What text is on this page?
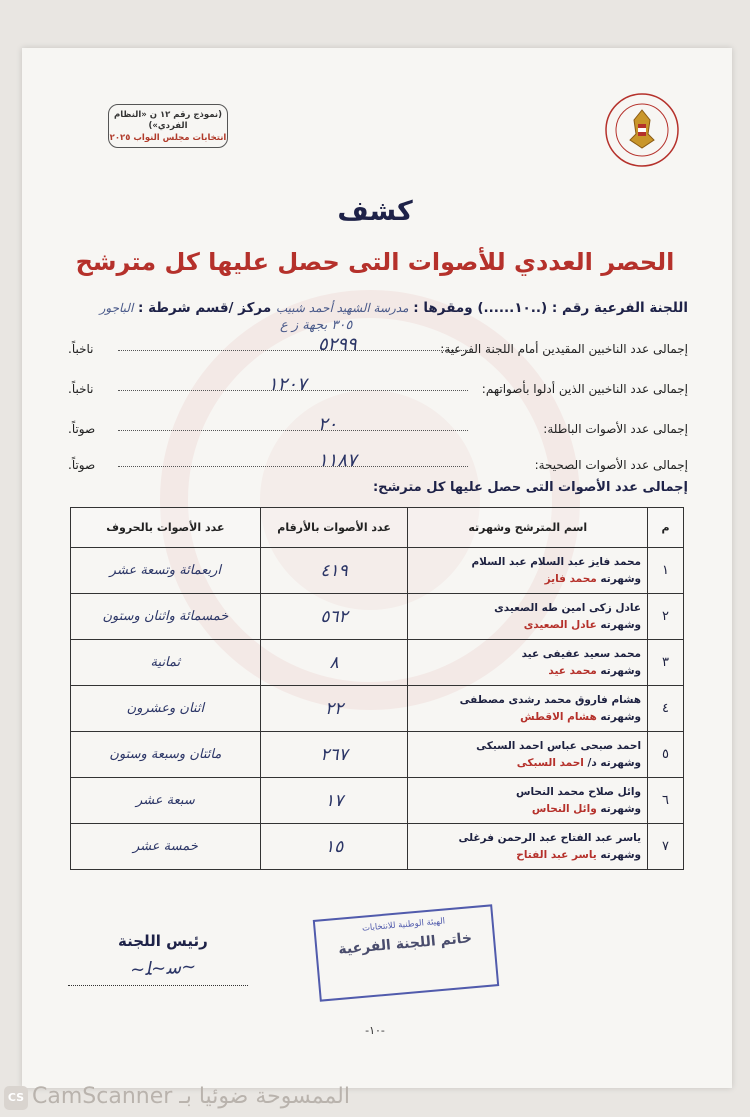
(نموذج رقم ١٢ ن «النظام الفردي»)
انتخابات مجلس النواب ٢٠٢٥
كشف
الحصر العددي للأصوات التى حصل عليها كل مترشح
اللجنة الفرعية رقم : (..١٠......) ومقرها : مدرسة الشهيد أحمد شبيب مركز /قسم شرطة : الباجور
٣٠٥ بجهة ز ع
إجمالى عدد الناخبين المقيدين أمام اللجنة الفرعية:
٥٢٩٩
ناخباً.
إجمالى عدد الناخبين الذين أدلوا بأصواتهم:
١٢٠٧
ناخباً.
إجمالى عدد الأصوات الباطلة:
٢٠
صوتاً.
إجمالى عدد الأصوات الصحيحة:
١١٨٧
صوتاً.
إجمالى عدد الأصوات التى حصل عليها كل مترشح:
م	اسم المترشح وشهرته	عدد الأصوات بالأرقام	عدد الأصوات بالحروف
١	محمد فايز عبد السلام عبد السلام
وشهرته محمد فايز	٤١٩	اربعمائة وتسعة عشر
٢	عادل زكى امين طه الصعيدى
وشهرته عادل الصعيدى	٥٦٢	خمسمائة واثنان وستون
٣	محمد سعيد عفيفى عيد
وشهرته محمد عيد	٨	ثمانية
٤	هشام فاروق محمد رشدى مصطفى
وشهرته هشام الاقطش	٢٢	اثنان وعشرون
٥	احمد صبحى عباس احمد السبكى
وشهرته د/ احمد السبكى	٢٦٧	مائتان وسبعة وستون
٦	وائل صلاح محمد النحاس
وشهرته وائل النحاس	١٧	سبعة عشر
٧	ياسر عبد الفتاح عبد الرحمن فرغلى
وشهرته ياسر عبد الفتاح	١٥	خمسة عشر
رئيس اللجنة
~ﺳ~ﻠ~
الهيئة الوطنية للانتخابات
خاتم اللجنة الفرعية
-١٠-
CS الممسوحة ضوئيا بـ CamScanner
